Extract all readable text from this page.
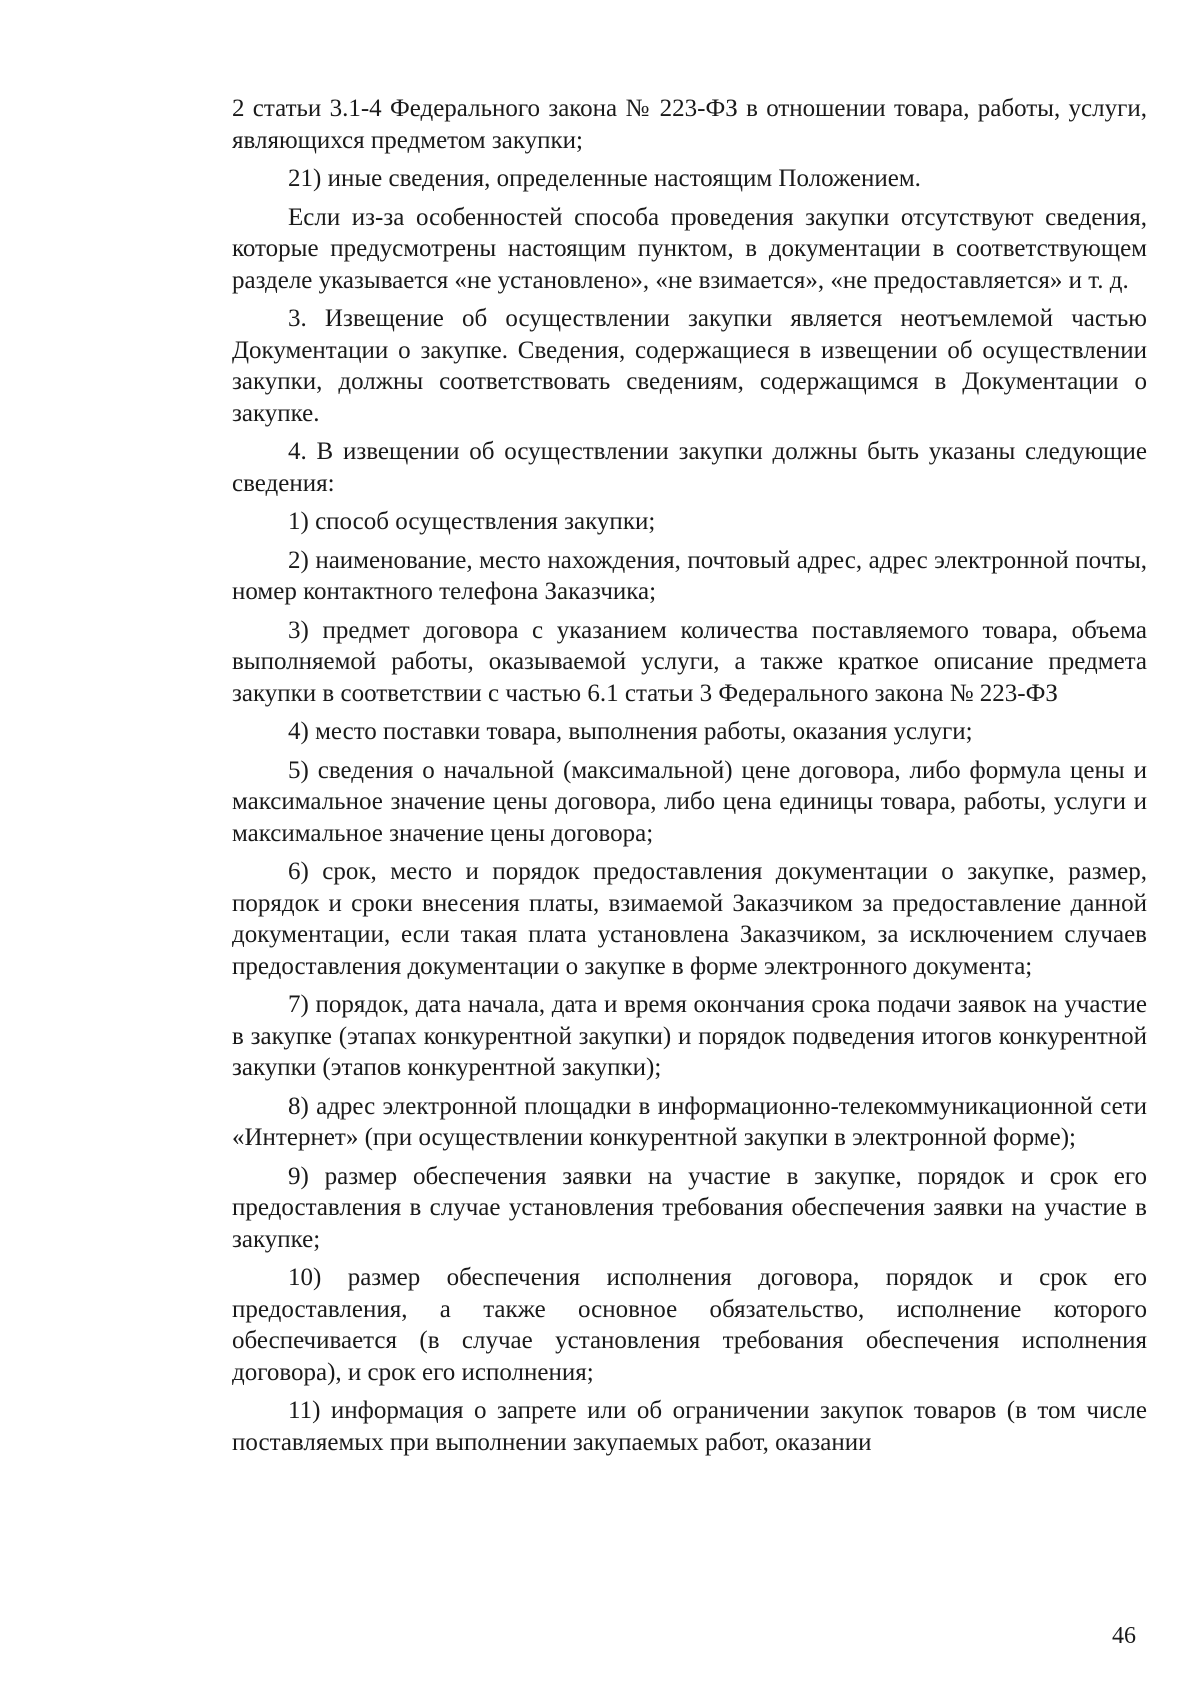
2 статьи 3.1-4 Федерального закона № 223-ФЗ в отношении товара, работы, услуги, являющихся предметом закупки;

21) иные сведения, определенные настоящим Положением.

Если из-за особенностей способа проведения закупки отсутствуют сведения, которые предусмотрены настоящим пунктом, в документации в соответствующем разделе указывается «не установлено», «не взимается», «не предоставляется» и т. д.

3. Извещение об осуществлении закупки является неотъемлемой частью Документации о закупке. Сведения, содержащиеся в извещении об осуществлении закупки, должны соответствовать сведениям, содержащимся в Документации о закупке.

4. В извещении об осуществлении закупки должны быть указаны следующие сведения:

1) способ осуществления закупки;

2) наименование, место нахождения, почтовый адрес, адрес электронной почты, номер контактного телефона Заказчика;

3) предмет договора с указанием количества поставляемого товара, объема выполняемой работы, оказываемой услуги, а также краткое описание предмета закупки в соответствии с частью 6.1 статьи 3 Федерального закона № 223-ФЗ

4) место поставки товара, выполнения работы, оказания услуги;

5) сведения о начальной (максимальной) цене договора, либо формула цены и максимальное значение цены договора, либо цена единицы товара, работы, услуги и максимальное значение цены договора;

6) срок, место и порядок предоставления документации о закупке, размер, порядок и сроки внесения платы, взимаемой Заказчиком за предоставление данной документации, если такая плата установлена Заказчиком, за исключением случаев предоставления документации о закупке в форме электронного документа;

7) порядок, дата начала, дата и время окончания срока подачи заявок на участие в закупке (этапах конкурентной закупки) и порядок подведения итогов конкурентной закупки (этапов конкурентной закупки);

8) адрес электронной площадки в информационно-телекоммуникационной сети «Интернет» (при осуществлении конкурентной закупки в электронной форме);

9) размер обеспечения заявки на участие в закупке, порядок и срок его предоставления в случае установления требования обеспечения заявки на участие в закупке;

10) размер обеспечения исполнения договора, порядок и срок его предоставления, а также основное обязательство, исполнение которого обеспечивается (в случае установления требования обеспечения исполнения договора), и срок его исполнения;

11) информация о запрете или об ограничении закупок товаров (в том числе поставляемых при выполнении закупаемых работ, оказании

46
